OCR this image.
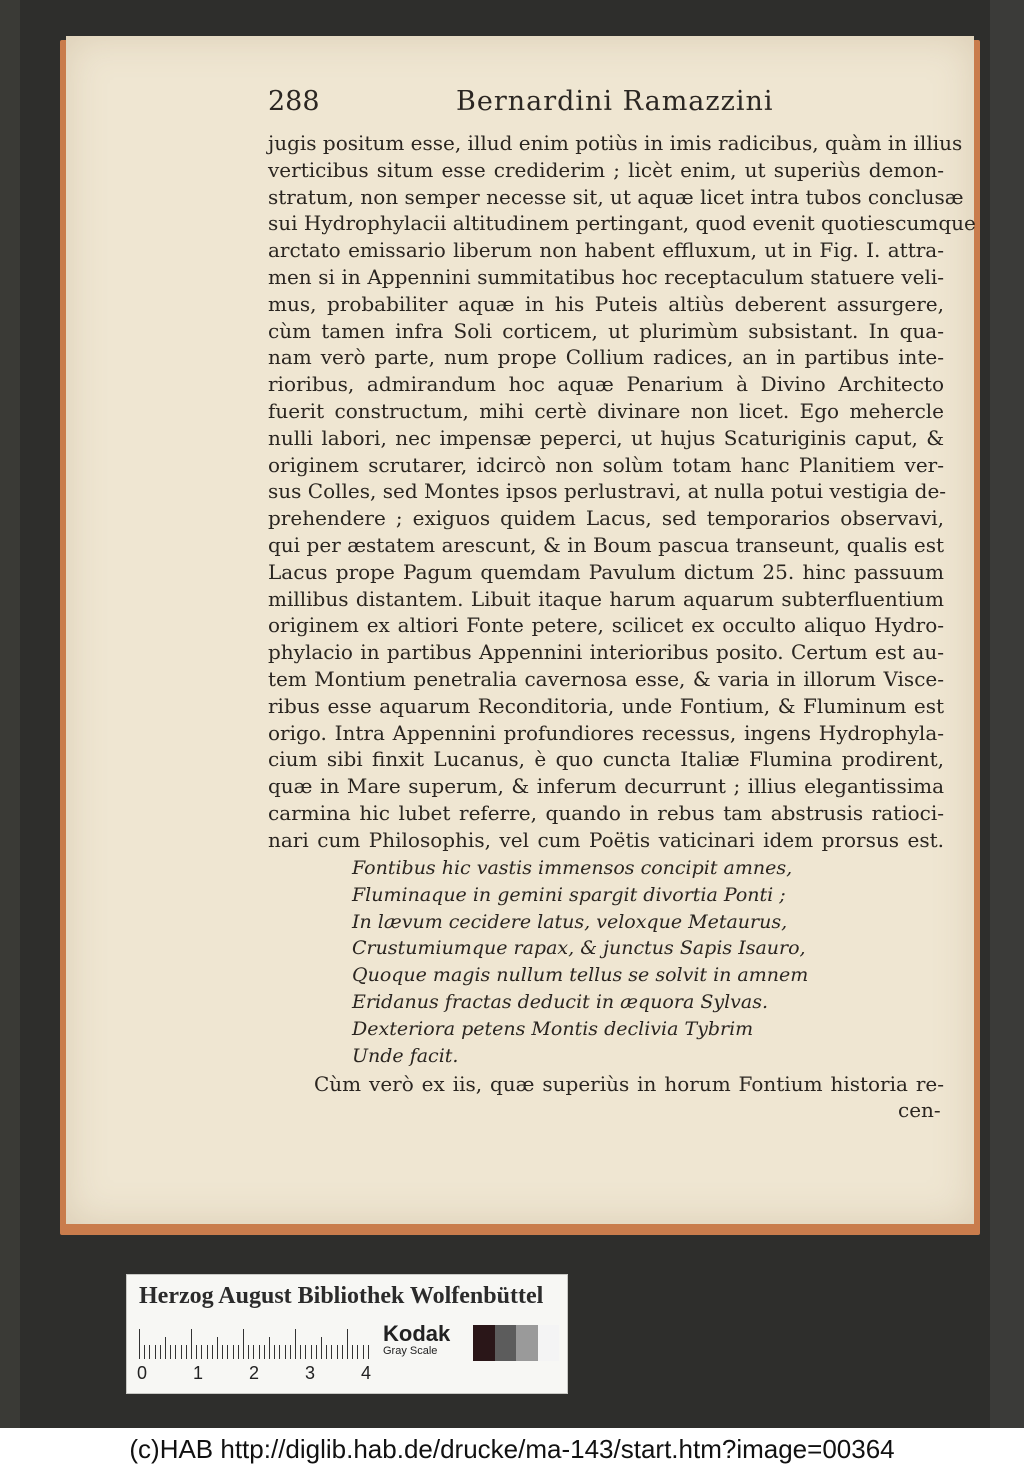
288	Bernardini Ramazzini
jugis positum esse, illud enim potiùs in imis radicibus, quàm in illius
verticibus situm esse crediderim ; licèt enim, ut superiùs demon-
stratum, non semper necesse sit, ut aquæ licet intra tubos conclusæ
sui Hydrophylacii altitudinem pertingant, quod evenit quotiescumque
arctato emissario liberum non habent effluxum, ut in Fig. I. attra-
men si in Appennini summitatibus hoc receptaculum statuere veli-
mus, probabiliter aquæ in his Puteis altiùs deberent assurgere,
cùm tamen infra Soli corticem, ut plurimùm subsistant. In qua-
nam verò parte, num prope Collium radices, an in partibus inte-
rioribus, admirandum hoc aquæ Penarium à Divino Architecto
fuerit constructum, mihi certè divinare non licet. Ego mehercle
nulli labori, nec impensæ peperci, ut hujus Scaturiginis caput, &
originem scrutarer, idcircò non solùm totam hanc Planitiem ver-
sus Colles, sed Montes ipsos perlustravi, at nulla potui vestigia de-
prehendere ; exiguos quidem Lacus, sed temporarios observavi,
qui per æstatem arescunt, & in Boum pascua transeunt, qualis est
Lacus prope Pagum quemdam Pavulum dictum 25. hinc passuum
millibus distantem. Libuit itaque harum aquarum subterfluentium
originem ex altiori Fonte petere, scilicet ex occulto aliquo Hydro-
phylacio in partibus Appennini interioribus posito. Certum est au-
tem Montium penetralia cavernosa esse, & varia in illorum Visce-
ribus esse aquarum Reconditoria, unde Fontium, & Fluminum est
origo. Intra Appennini profundiores recessus, ingens Hydrophyla-
cium sibi finxit Lucanus, è quo cuncta Italiæ Flumina prodirent,
quæ in Mare superum, & inferum decurrunt ; illius elegantissima
carmina hic lubet referre, quando in rebus tam abstrusis ratioci-
nari cum Philosophis, vel cum Poëtis vaticinari idem prorsus est.
Fontibus hic vastis immensos concipit amnes,
Fluminaque in gemini spargit divortia Ponti ;
In lævum cecidere latus, veloxque Metaurus,
Crustumiumque rapax, & junctus Sapis Isauro,
Quoque magis nullum tellus se solvit in amnem
Eridanus fractas deducit in æquora Sylvas.
Dexteriora petens Montis declivia Tybrim
Unde facit.
Cùm verò ex iis, quæ superiùs in horum Fontium historia re-
cen-
Herzog August Bibliothek Wolfenbüttel
0	1	2	3	4
Kodak
Gray Scale
(c)HAB http://diglib.hab.de/drucke/ma-143/start.htm?image=00364
